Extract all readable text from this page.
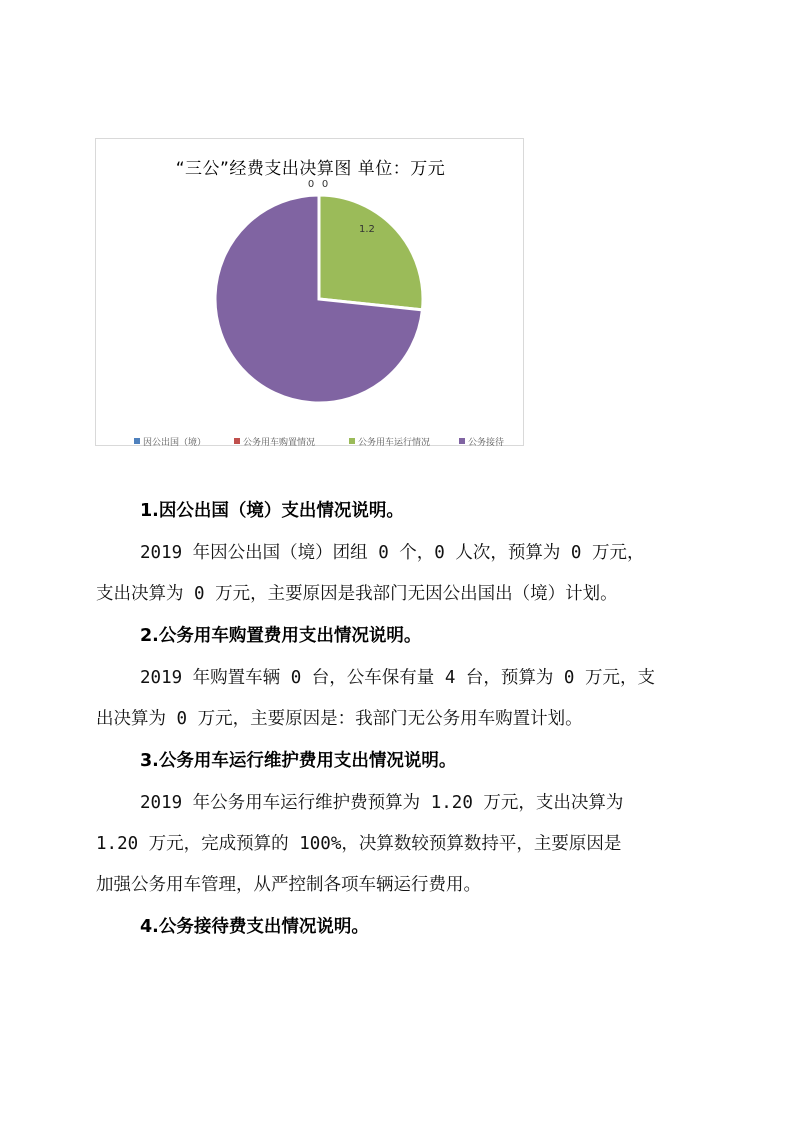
0 0
1.2
“三公”经费支出决算图 单位：万元
因公出国（境）	公务用车购置情况	公务用车运行情况	公务接待
1.因公出国（境）支出情况说明。
2019 年因公出国（境）团组 0 个，0 人次，预算为 0 万元，
支出决算为 0 万元，主要原因是我部门无因公出国出（境）计划。
2.公务用车购置费用支出情况说明。
2019 年购置车辆 0 台，公车保有量 4 台，预算为 0 万元，支
出决算为 0 万元，主要原因是：我部门无公务用车购置计划。
3.公务用车运行维护费用支出情况说明。
2019 年公务用车运行维护费预算为 1.20 万元，支出决算为
1.20 万元，完成预算的 100%，决算数较预算数持平，主要原因是
加强公务用车管理，从严控制各项车辆运行费用。
4.公务接待费支出情况说明。
